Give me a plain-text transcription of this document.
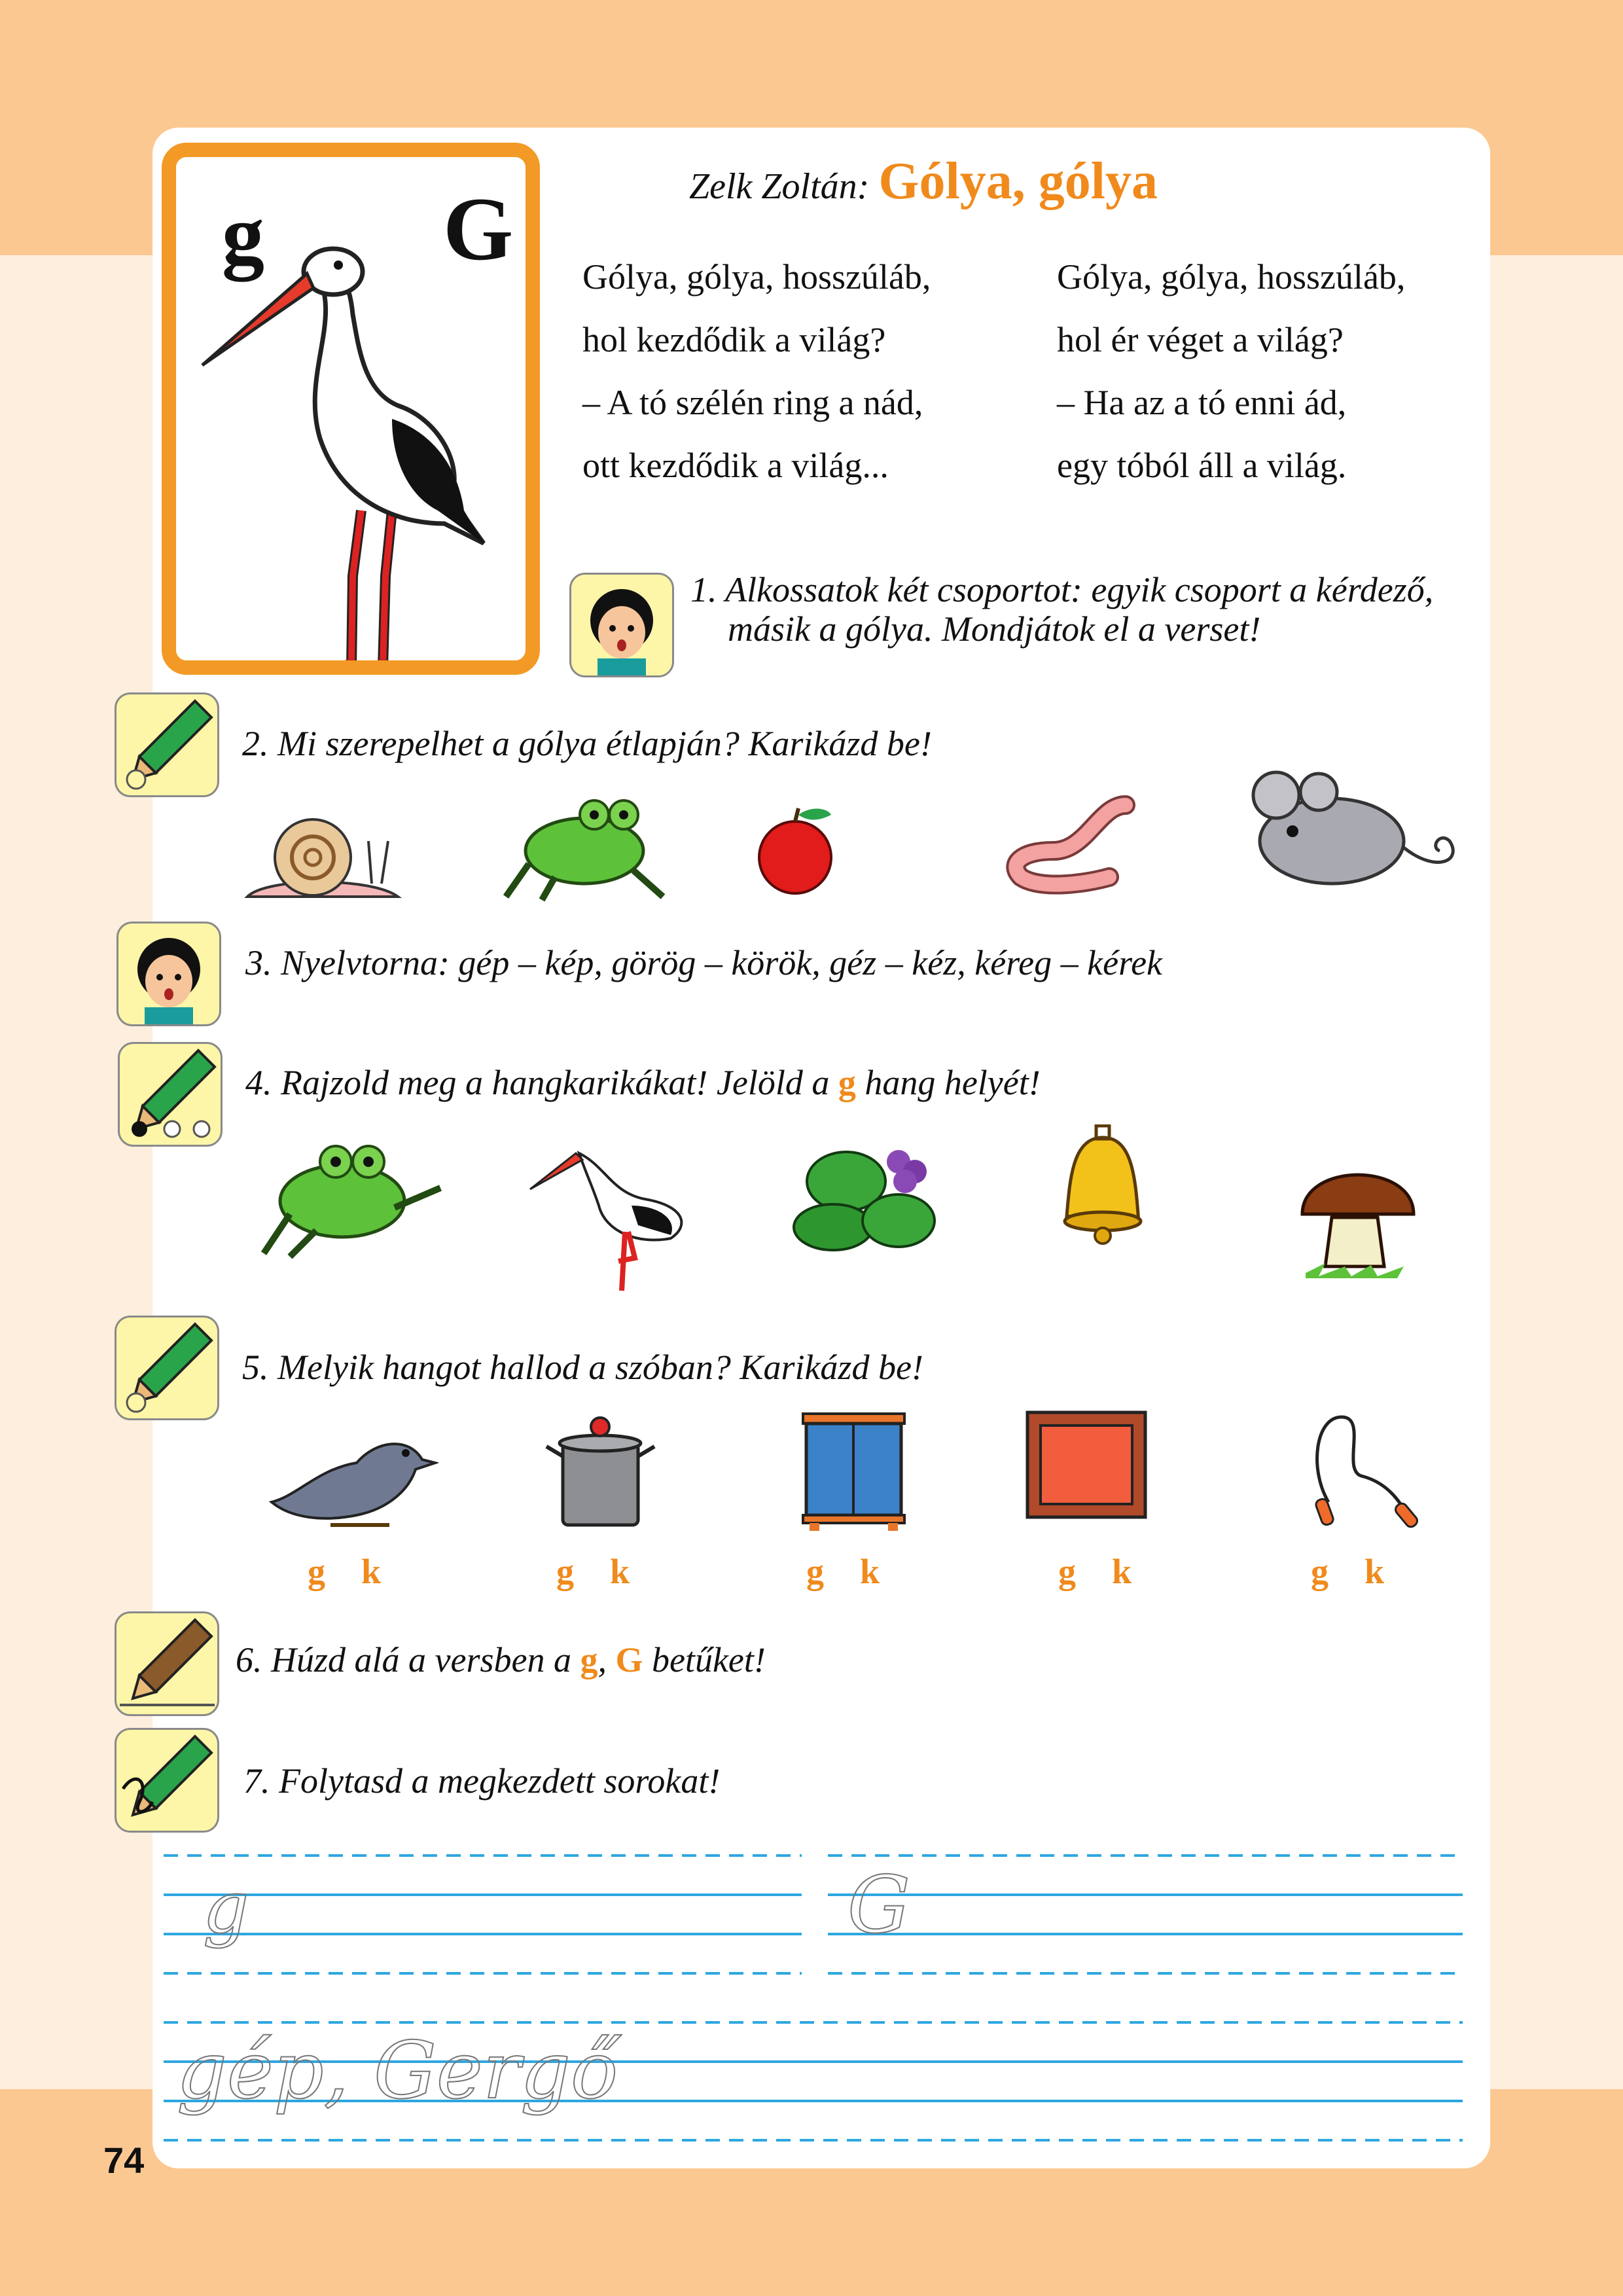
g G	Zelk Zoltán: Gólya, gólya
Gólya, gólya, hosszúláb,
hol kezdődik a világ?
– A tó szélén ring a nád,
ott kezdődik a világ...
Gólya, gólya, hosszúláb,
hol ér véget a világ?
– Ha az a tó enni ád,
egy tóból áll a világ.
1. Alkossatok két csoportot: egyik csoport a kérdező,
másik a gólya. Mondjátok el a verset!
2. Mi szerepelhet a gólya étlapján? Karikázd be!
3. Nyelvtorna: gép – kép, görög – körök, géz – kéz, kéreg – kérek
4. Rajzold meg a hangkarikákat! Jelöld a g hang helyét!
5. Melyik hangot hallod a szóban? Karikázd be!
g k	g k	g k	g k	g k
6. Húzd alá a versben a g, G betűket!
7. Folytasd a megkezdett sorokat!
g	G
gép, Gergő
74
